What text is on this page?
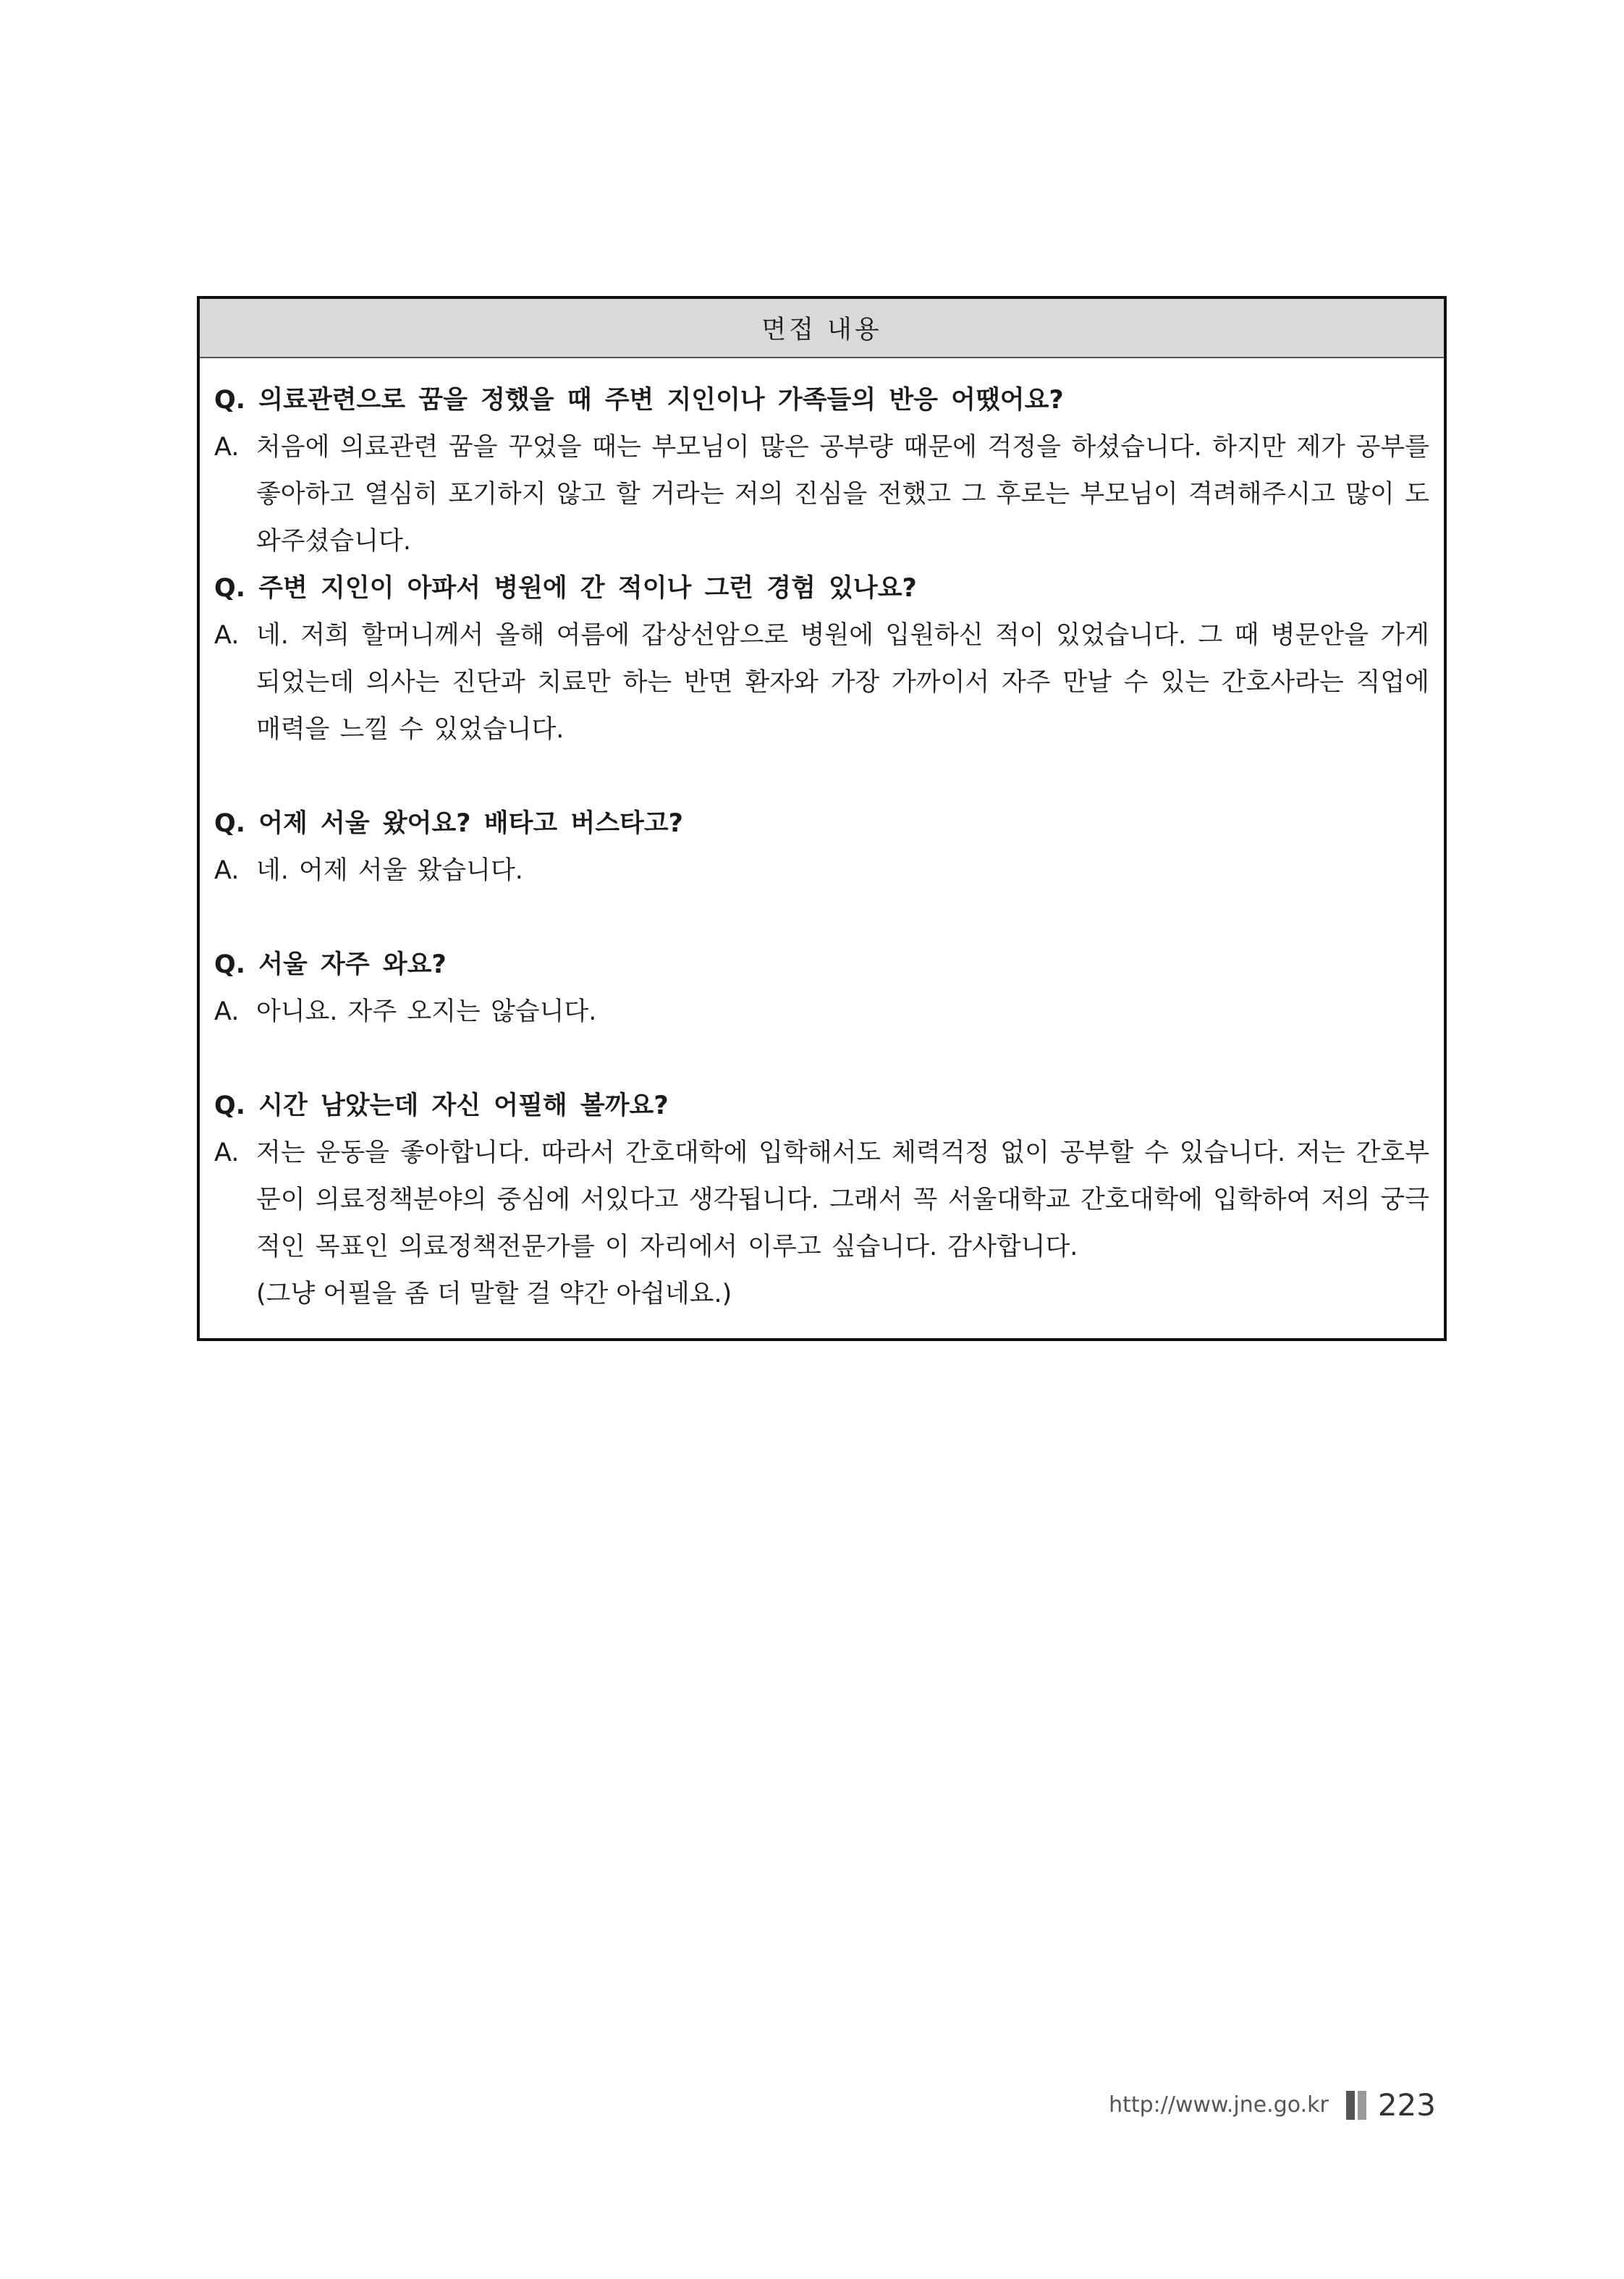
면접 내용
Q. 의료관련으로 꿈을 정했을 때 주변 지인이나 가족들의 반응 어땠어요?
A. 처음에 의료관련 꿈을 꾸었을 때는 부모님이 많은 공부량 때문에 걱정을 하셨습니다. 하지만 제가 공부를 좋아하고 열심히 포기하지 않고 할 거라는 저의 진심을 전했고 그 후로는 부모님이 격려해주시고 많이 도와주셨습니다.
Q. 주변 지인이 아파서 병원에 간 적이나 그런 경험 있나요?
A. 네. 저희 할머니께서 올해 여름에 갑상선암으로 병원에 입원하신 적이 있었습니다. 그 때 병문안을 가게 되었는데 의사는 진단과 치료만 하는 반면 환자와 가장 가까이서 자주 만날 수 있는 간호사라는 직업에 매력을 느낄 수 있었습니다.
Q. 어제 서울 왔어요? 배타고 버스타고?
A. 네. 어제 서울 왔습니다.
Q. 서울 자주 와요?
A. 아니요. 자주 오지는 않습니다.
Q. 시간 남았는데 자신 어필해 볼까요?
A. 저는 운동을 좋아합니다. 따라서 간호대학에 입학해서도 체력걱정 없이 공부할 수 있습니다. 저는 간호부문이 의료정책분야의 중심에 서있다고 생각됩니다. 그래서 꼭 서울대학교 간호대학에 입학하여 저의 궁극적인 목표인 의료정책전문가를 이 자리에서 이루고 싶습니다. 감사합니다.
(그냥 어필을 좀 더 말할 걸 약간 아쉽네요.)
http://www.jne.go.kr 223
